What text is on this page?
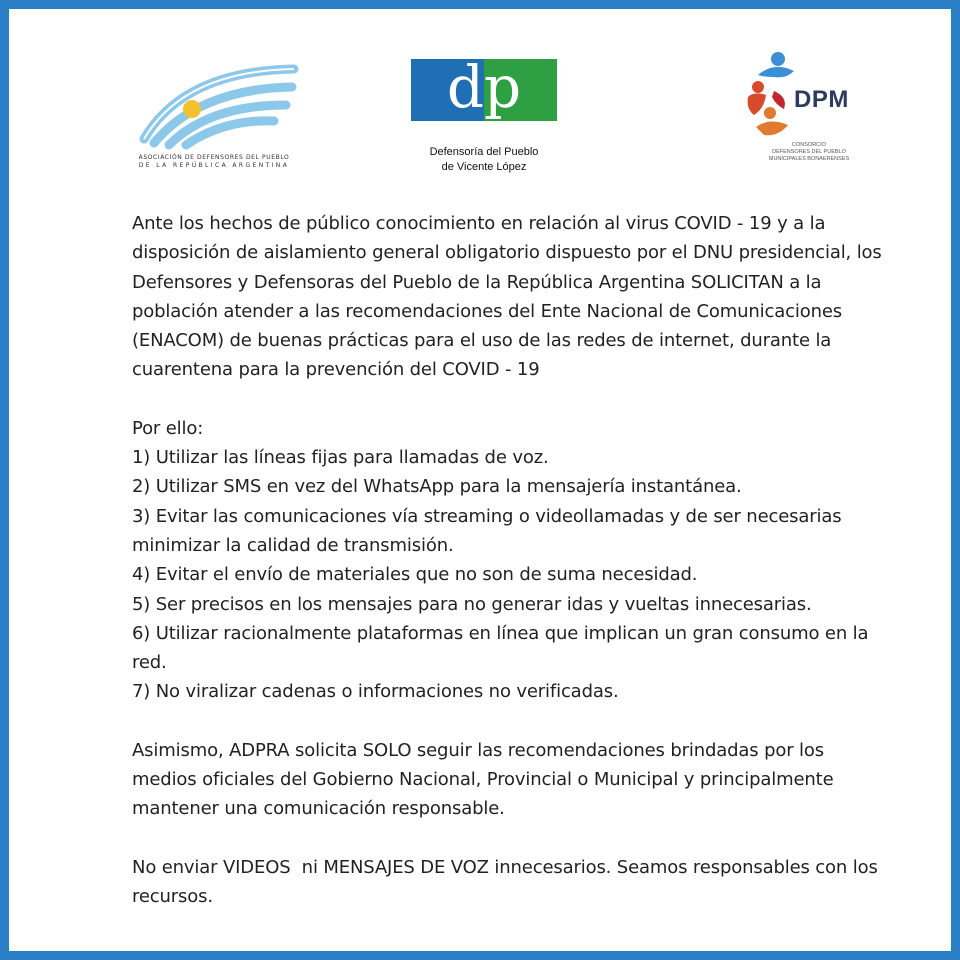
ASOCIACIÓN DE DEFENSORES DEL PUEBLO
DE LA REPÚBLICA ARGENTINA
dp
Defensoría del Pueblo
de Vicente López
DPM
CONSORCIO
DEFENSORES DEL PUEBLO
MUNICIPALES BONAERENSES

Ante los hechos de público conocimiento en relación al virus COVID - 19 y a la disposición de aislamiento general obligatorio dispuesto por el DNU presidencial, los Defensores y Defensoras del Pueblo de la República Argentina SOLICITAN a la población atender a las recomendaciones del Ente Nacional de Comunicaciones (ENACOM) de buenas prácticas para el uso de las redes de internet, durante la cuarentena para la prevención del COVID - 19

Por ello:

1) Utilizar las líneas fijas para llamadas de voz.
2) Utilizar SMS en vez del WhatsApp para la mensajería instantánea.
3) Evitar las comunicaciones vía streaming o videollamadas y de ser necesarias minimizar la calidad de transmisión.
4) Evitar el envío de materiales que no son de suma necesidad.
5) Ser precisos en los mensajes para no generar idas y vueltas innecesarias.
6) Utilizar racionalmente plataformas en línea que implican un gran consumo en la red.
7) No viralizar cadenas o informaciones no verificadas.

Asimismo, ADPRA solicita SOLO seguir las recomendaciones brindadas por los medios oficiales del Gobierno Nacional, Provincial o Municipal y principalmente mantener una comunicación responsable.

No enviar VIDEOS  ni MENSAJES DE VOZ innecesarios. Seamos responsables con los recursos.
